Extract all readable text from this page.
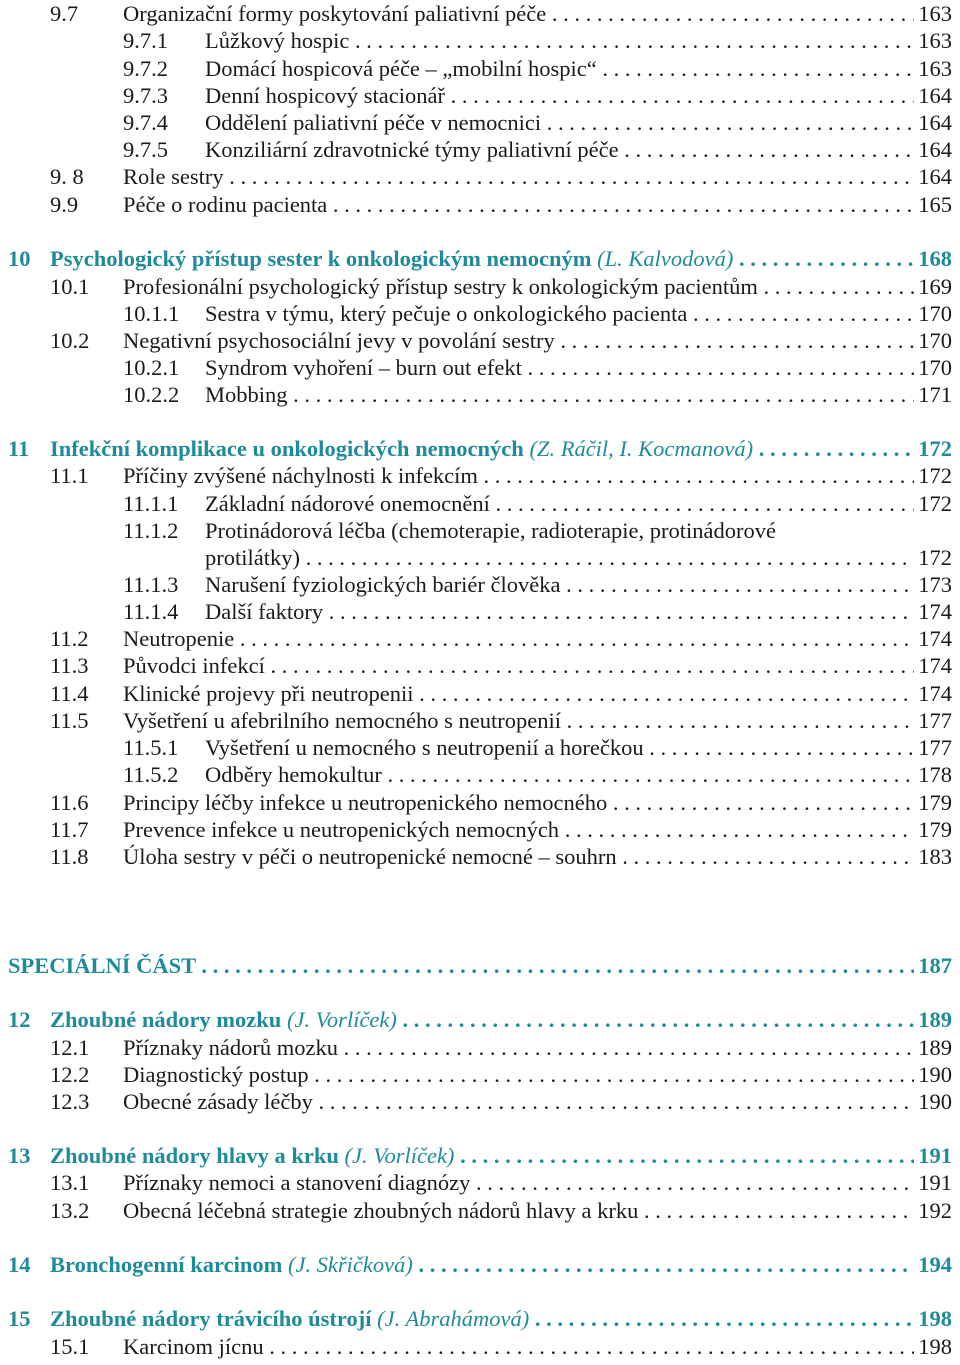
9.7 Organizační formy poskytování paliativní péče . . .	163
9.7.1 Lůžkový hospic . . .	163
9.7.2 Domácí hospicová péče – „mobilní hospic“ . . .	163
9.7.3 Denní hospicový stacionář . . .	164
9.7.4 Oddělení paliativní péče v nemocnici . . .	164
9.7.5 Konziliární zdravotnické týmy paliativní péče . . .	164
9. 8 Role sestry . . .	164
9.9 Péče o rodinu pacienta . . .	165
10 Psychologický přístup sester k onkologickým nemocným (L. Kalvodová) . . .	168
10.1 Profesionální psychologický přístup sestry k onkologickým pacientům . . .	169
10.1.1 Sestra v týmu, který pečuje o onkologického pacienta . . .	170
10.2 Negativní psychosociální jevy v povolání sestry . . .	170
10.2.1 Syndrom vyhoření – burn out efekt . . .	170
10.2.2 Mobbing . . .	171
11 Infekční komplikace u onkologických nemocných (Z. Ráčil, I. Kocmanová) . . .	172
11.1 Příčiny zvýšené náchylnosti k infekcím . . .	172
11.1.1 Základní nádorové onemocnění . . .	172
11.1.2 Protinádorová léčba (chemoterapie, radioterapie, protinádorové
protilátky) . . .	172
11.1.3 Narušení fyziologických bariér člověka . . .	173
11.1.4 Další faktory . . .	174
11.2 Neutropenie . . .	174
11.3 Původci infekcí . . .	174
11.4 Klinické projevy při neutropenii . . .	174
11.5 Vyšetření u afebrilního nemocného s neutropenií . . .	177
11.5.1 Vyšetření u nemocného s neutropenií a horečkou . . .	177
11.5.2 Odběry hemokultur . . .	178
11.6 Principy léčby infekce u neutropenického nemocného . . .	179
11.7 Prevence infekce u neutropenických nemocných . . .	179
11.8 Úloha sestry v péči o neutropenické nemocné – souhrn . . .	183
SPECIÁLNÍ ČÁST . . .	187
12 Zhoubné nádory mozku (J. Vorlíček) . . .	189
12.1 Příznaky nádorů mozku . . .	189
12.2 Diagnostický postup . . .	190
12.3 Obecné zásady léčby . . .	190
13 Zhoubné nádory hlavy a krku (J. Vorlíček) . . .	191
13.1 Příznaky nemoci a stanovení diagnózy . . .	191
13.2 Obecná léčebná strategie zhoubných nádorů hlavy a krku . . .	192
14 Bronchogenní karcinom (J. Skřičková) . . .	194
15 Zhoubné nádory trávicího ústrojí (J. Abrahámová) . . .	198
15.1 Karcinom jícnu . . .	198
